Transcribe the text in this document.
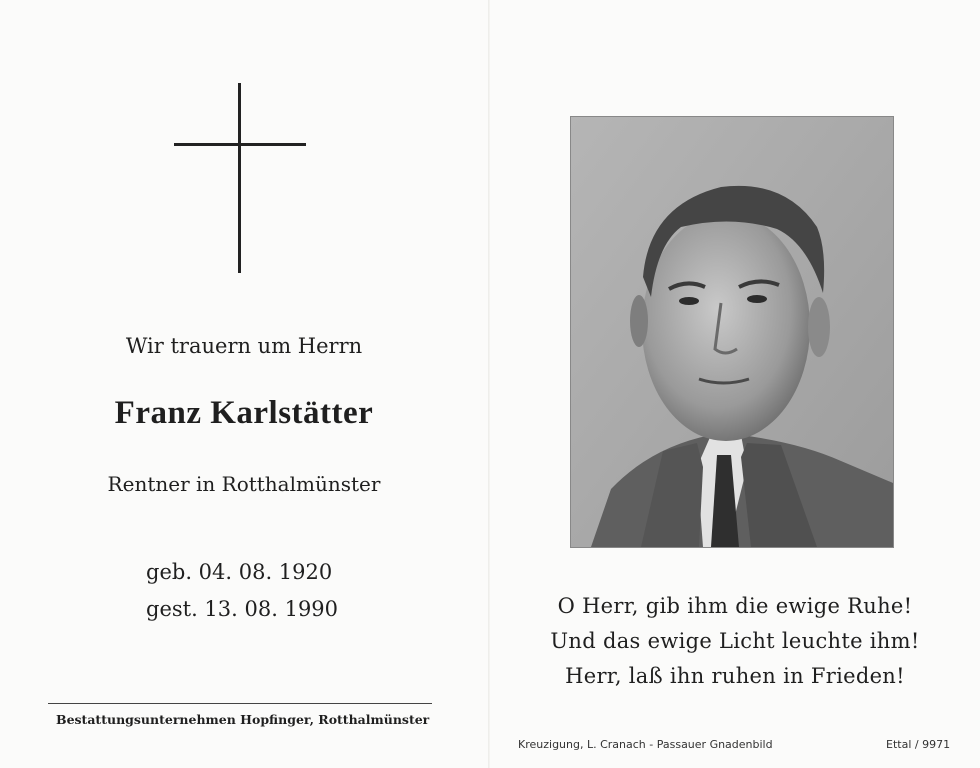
Wir trauern um Herrn
Franz Karlstätter
Rentner in Rotthalmünster
geb. 04. 08. 1920
gest. 13. 08. 1990
Bestattungsunternehmen Hopfinger, Rotthalmünster
O Herr, gib ihm die ewige Ruhe!
Und das ewige Licht leuchte ihm!
Herr, laß ihn ruhen in Frieden!
Kreuzigung, L. Cranach - Passauer Gnadenbild	Ettal / 9971
